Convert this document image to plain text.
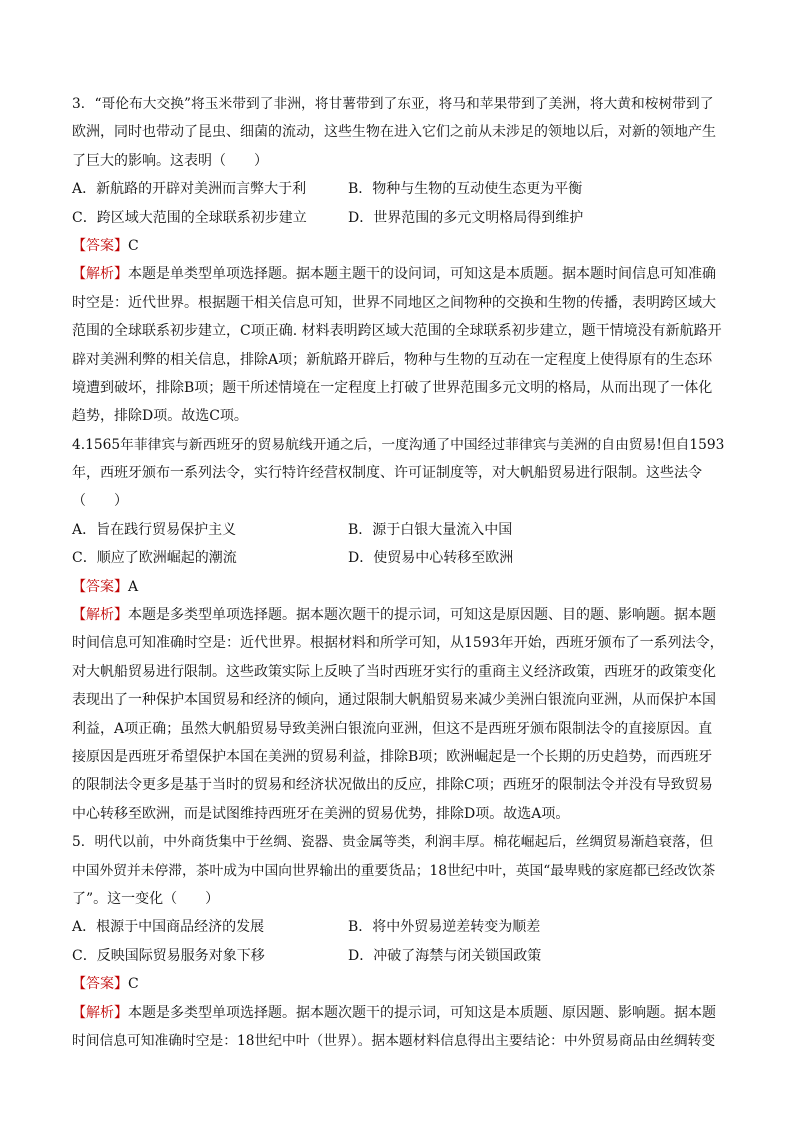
3．“哥伦布大交换”将玉米带到了非洲，将甘薯带到了东亚，将马和苹果带到了美洲，将大黄和桉树带到了
欧洲，同时也带动了昆虫、细菌的流动，这些生物在进入它们之前从未涉足的领地以后，对新的领地产生
了巨大的影响。这表明（　　）
A．新航路的开辟对美洲而言弊大于利	B．物种与生物的互动使生态更为平衡
C．跨区域大范围的全球联系初步建立	D．世界范围的多元文明格局得到维护
【答案】C
【解析】本题是单类型单项选择题。据本题主题干的设问词，可知这是本质题。据本题时间信息可知准确
时空是：近代世界。根据题干相关信息可知，世界不同地区之间物种的交换和生物的传播，表明跨区域大
范围的全球联系初步建立，C项正确. 材料表明跨区域大范围的全球联系初步建立，题干情境没有新航路开
辟对美洲利弊的相关信息，排除A项；新航路开辟后，物种与生物的互动在一定程度上使得原有的生态环
境遭到破坏，排除B项；题干所述情境在一定程度上打破了世界范围多元文明的格局，从而出现了一体化
趋势，排除D项。故选C项。
4.1565年菲律宾与新西班牙的贸易航线开通之后，一度沟通了中国经过菲律宾与美洲的自由贸易!但自1593
年，西班牙颁布一系列法令，实行特许经营权制度、许可证制度等，对大帆船贸易进行限制。这些法令
（　　）
A．旨在践行贸易保护主义	B．源于白银大量流入中国
C．顺应了欧洲崛起的潮流	D．使贸易中心转移至欧洲
【答案】A
【解析】本题是多类型单项选择题。据本题次题干的提示词，可知这是原因题、目的题、影响题。据本题
时间信息可知准确时空是：近代世界。根据材料和所学可知，从1593年开始，西班牙颁布了一系列法令，
对大帆船贸易进行限制。这些政策实际上反映了当时西班牙实行的重商主义经济政策，西班牙的政策变化
表现出了一种保护本国贸易和经济的倾向，通过限制大帆船贸易来减少美洲白银流向亚洲，从而保护本国
利益，A项正确；虽然大帆船贸易导致美洲白银流向亚洲，但这不是西班牙颁布限制法令的直接原因。直
接原因是西班牙希望保护本国在美洲的贸易利益，排除B项；欧洲崛起是一个长期的历史趋势，而西班牙
的限制法令更多是基于当时的贸易和经济状况做出的反应，排除C项；西班牙的限制法令并没有导致贸易
中心转移至欧洲，而是试图维持西班牙在美洲的贸易优势，排除D项。故选A项。
5．明代以前，中外商货集中于丝绸、瓷器、贵金属等类，利润丰厚。棉花崛起后，丝绸贸易渐趋衰落，但
中国外贸并未停滞，茶叶成为中国向世界输出的重要货品；18世纪中叶，英国“最卑贱的家庭都已经改饮茶
了”。这一变化（　　）
A．根源于中国商品经济的发展	B．将中外贸易逆差转变为顺差
C．反映国际贸易服务对象下移	D．冲破了海禁与闭关锁国政策
【答案】C
【解析】本题是多类型单项选择题。据本题次题干的提示词，可知这是本质题、原因题、影响题。据本题
时间信息可知准确时空是：18世纪中叶（世界）。据本题材料信息得出主要结论：中外贸易商品由丝绸转变
